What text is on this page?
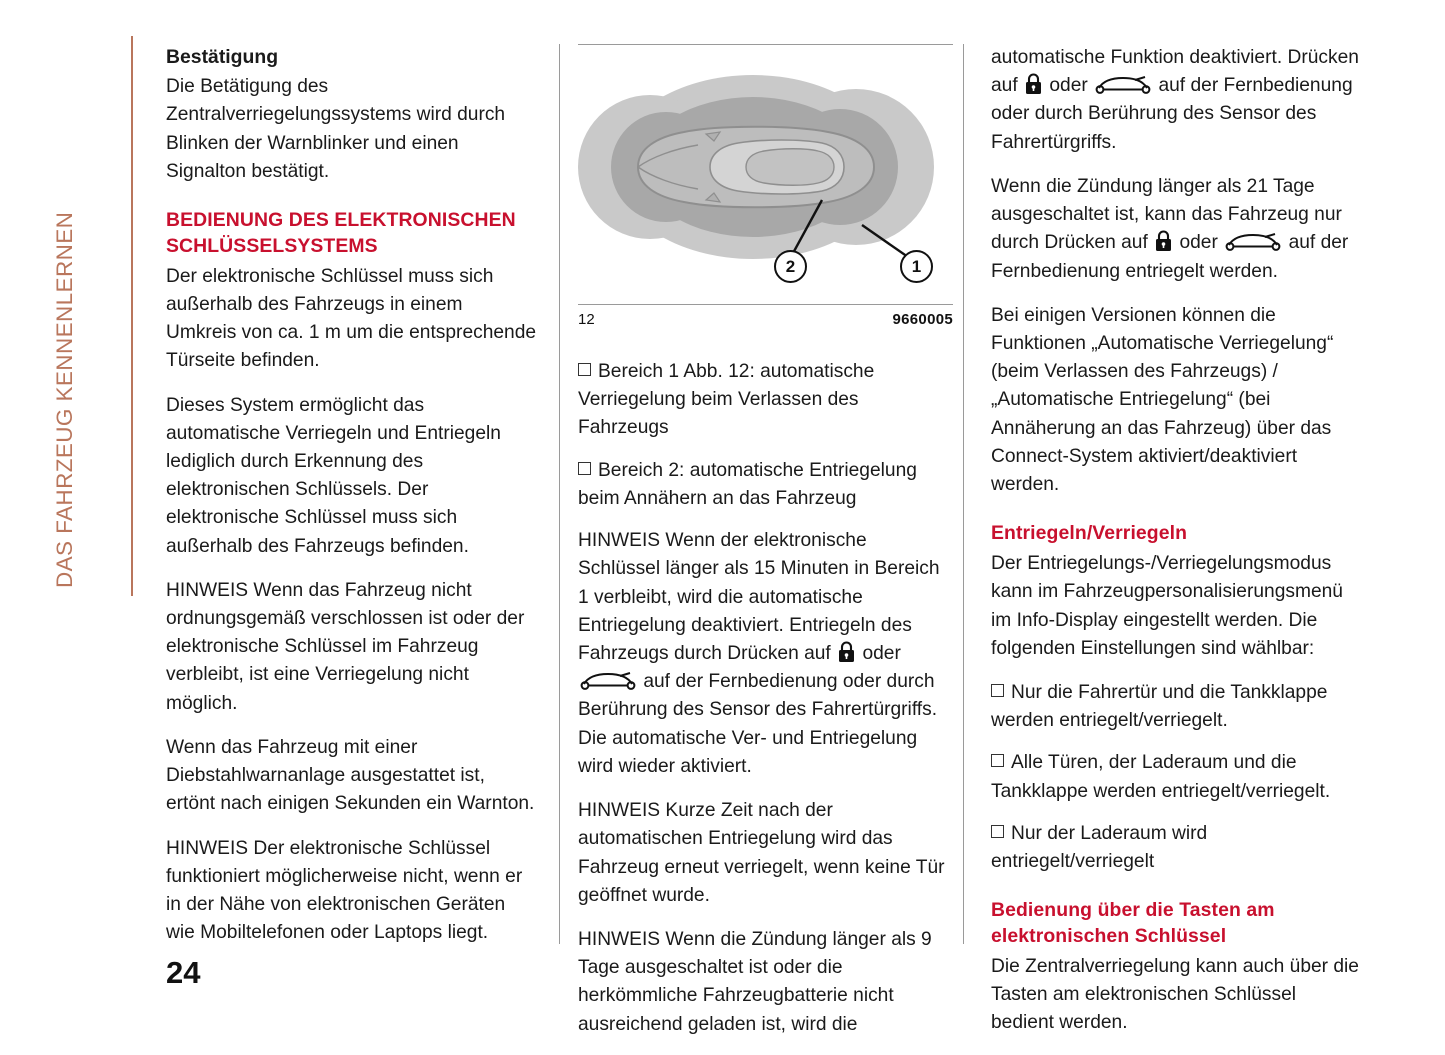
DAS FAHRZEUG KENNENLERNEN
Bestätigung

Die Betätigung des Zentralverriegelungssystems wird durch Blinken der Warnblinker und einen Signalton bestätigt.

BEDIENUNG DES ELEKTRONISCHEN SCHLÜSSELSYSTEMS

Der elektronische Schlüssel muss sich außerhalb des Fahrzeugs in einem Umkreis von ca. 1 m um die entsprechende Türseite befinden.

Dieses System ermöglicht das automatische Verriegeln und Entriegeln lediglich durch Erkennung des elektronischen Schlüssels. Der elektronische Schlüssel muss sich außerhalb des Fahrzeugs befinden.

HINWEIS Wenn das Fahrzeug nicht ordnungsgemäß verschlossen ist oder der elektronische Schlüssel im Fahrzeug verbleibt, ist eine Verriegelung nicht möglich.

Wenn das Fahrzeug mit einer Diebstahlwarnanlage ausgestattet ist, ertönt nach einigen Sekunden ein Warnton.

HINWEIS Der elektronische Schlüssel funktioniert möglicherweise nicht, wenn er in der Nähe von elektronischen Geräten wie Mobiltelefonen oder Laptops liegt.

2	1
12	9660005

Bereich 1 Abb. 12: automatische Verriegelung beim Verlassen des Fahrzeugs

Bereich 2: automatische Entriegelung beim Annähern an das Fahrzeug

HINWEIS Wenn der elektronische Schlüssel länger als 15 Minuten in Bereich 1 verbleibt, wird die automatische Entriegelung deaktiviert. Entriegeln des Fahrzeugs durch Drücken auf oder  auf der Fernbedienung oder durch Berührung des Sensor des Fahrertürgriffs. Die automatische Ver- und Entriegelung wird wieder aktiviert.

HINWEIS Kurze Zeit nach der automatischen Entriegelung wird das Fahrzeug erneut verriegelt, wenn keine Tür geöffnet wurde.

HINWEIS Wenn die Zündung länger als 9 Tage ausgeschaltet ist oder die herkömmliche Fahrzeugbatterie nicht ausreichend geladen ist, wird die

automatische Funktion deaktiviert. Drücken auf oder	auf der Fernbedienung oder durch Berührung des Sensor des Fahrertürgriffs.

Wenn die Zündung länger als 21 Tage ausgeschaltet ist, kann das Fahrzeug nur durch Drücken auf oder	auf der Fernbedienung entriegelt werden.

Bei einigen Versionen können die Funktionen „Automatische Verriegelung“ (beim Verlassen des Fahrzeugs) / „Automatische Entriegelung“ (bei Annäherung an das Fahrzeug) über das Connect-System aktiviert/deaktiviert werden.

Entriegeln/Verriegeln

Der Entriegelungs-/Verriegelungsmodus kann im Fahrzeugpersonalisierungsmenü im Info-Display eingestellt werden. Die folgenden Einstellungen sind wählbar:

Nur die Fahrertür und die Tankklappe werden entriegelt/verriegelt.

Alle Türen, der Laderaum und die Tankklappe werden entriegelt/verriegelt.

Nur der Laderaum wird entriegelt/verriegelt

Bedienung über die Tasten am elektronischen Schlüssel

Die Zentralverriegelung kann auch über die Tasten am elektronischen Schlüssel bedient werden.

24
